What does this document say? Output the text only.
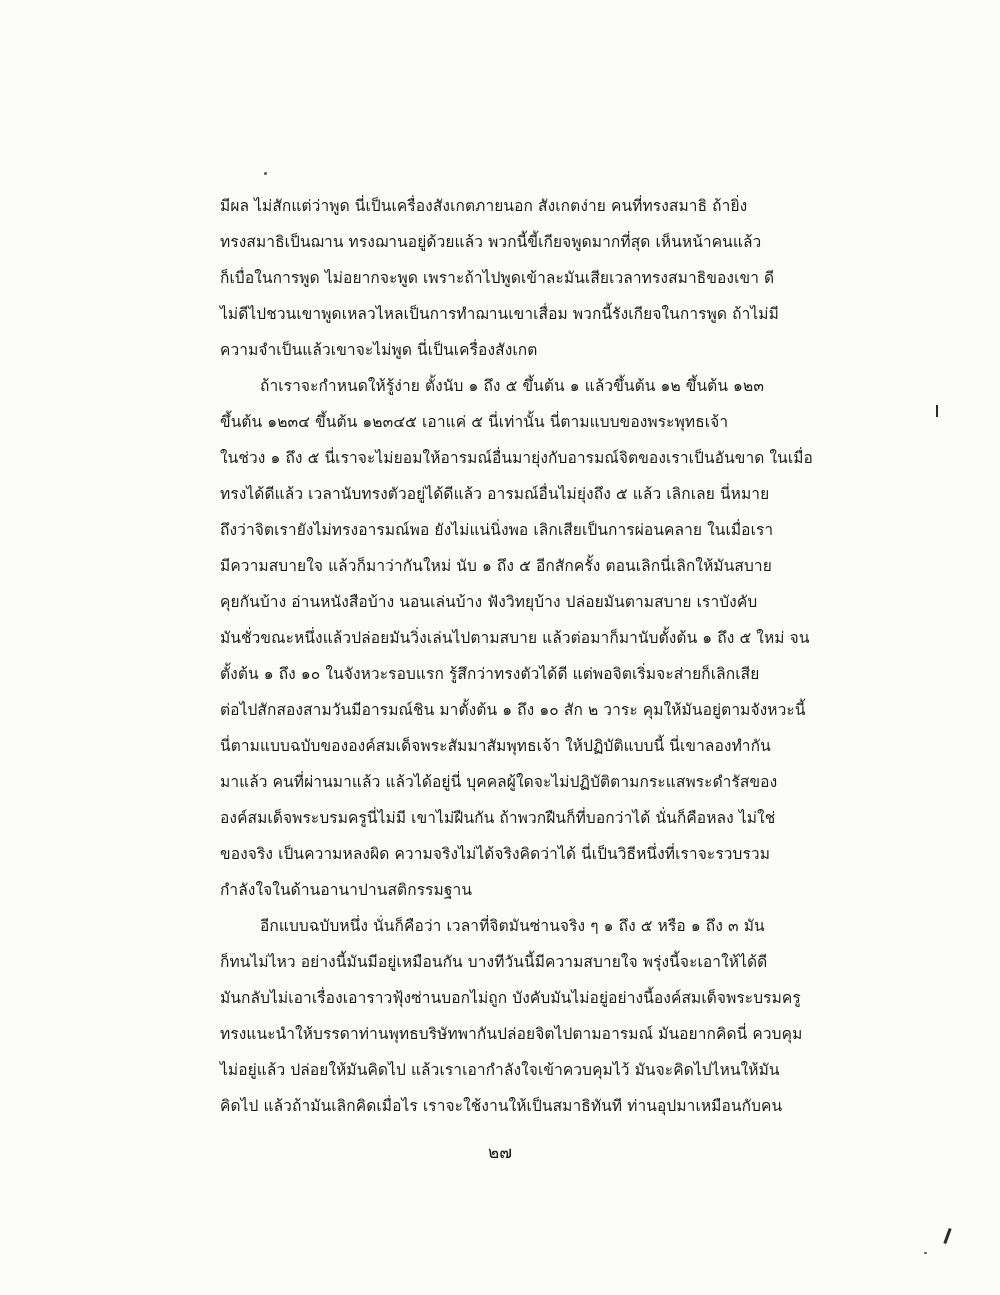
มีผล ไม่สักแต่ว่าพูด นี่เป็นเครื่องสังเกตภายนอก สังเกตง่าย คนที่ทรงสมาธิ ถ้ายิ่ง
ทรงสมาธิเป็นฌาน ทรงฌานอยู่ด้วยแล้ว พวกนี้ขี้เกียจพูดมากที่สุด เห็นหน้าคนแล้ว
ก็เบื่อในการพูด ไม่อยากจะพูด เพราะถ้าไปพูดเข้าละมันเสียเวลาทรงสมาธิของเขา ดี
ไม่ดีไปชวนเขาพูดเหลวไหลเป็นการทำฌานเขาเสื่อม พวกนี้รังเกียจในการพูด ถ้าไม่มี
ความจำเป็นแล้วเขาจะไม่พูด นี่เป็นเครื่องสังเกต
ถ้าเราจะกำหนดให้รู้ง่าย ตั้งนับ ๑ ถึง ๕ ขึ้นต้น ๑ แล้วขึ้นต้น ๑๒ ขึ้นต้น ๑๒๓
ขึ้นต้น ๑๒๓๔ ขึ้นต้น ๑๒๓๔๕ เอาแค่ ๕ นี่เท่านั้น นี่ตามแบบของพระพุทธเจ้า
ในช่วง ๑ ถึง ๕ นี่เราจะไม่ยอมให้อารมณ์อื่นมายุ่งกับอารมณ์จิตของเราเป็นอันขาด ในเมื่อ
ทรงได้ดีแล้ว เวลานับทรงตัวอยู่ได้ดีแล้ว อารมณ์อื่นไม่ยุ่งถึง ๕ แล้ว เลิกเลย นี่หมาย
ถึงว่าจิตเรายังไม่ทรงอารมณ์พอ ยังไม่แน่นิ่งพอ เลิกเสียเป็นการผ่อนคลาย ในเมื่อเรา
มีความสบายใจ แล้วก็มาว่ากันใหม่ นับ ๑ ถึง ๕ อีกสักครั้ง ตอนเลิกนี่เลิกให้มันสบาย
คุยกันบ้าง อ่านหนังสือบ้าง นอนเล่นบ้าง ฟังวิทยุบ้าง ปล่อยมันตามสบาย เราบังคับ
มันชั่วขณะหนึ่งแล้วปล่อยมันวิ่งเล่นไปตามสบาย แล้วต่อมาก็มานับตั้งต้น ๑ ถึง ๕ ใหม่ จน
ตั้งต้น ๑ ถึง ๑๐ ในจังหวะรอบแรก รู้สึกว่าทรงตัวได้ดี แต่พอจิตเริ่มจะส่ายก็เลิกเสีย
ต่อไปสักสองสามวันมีอารมณ์ชิน มาตั้งต้น ๑ ถึง ๑๐ สัก ๒ วาระ คุมให้มันอยู่ตามจังหวะนี้
นี่ตามแบบฉบับขององค์สมเด็จพระสัมมาสัมพุทธเจ้า ให้ปฏิบัติแบบนี้ นี่เขาลองทำกัน
มาแล้ว คนที่ผ่านมาแล้ว แล้วได้อยู่นี่ บุคคลผู้ใดจะไม่ปฏิบัติตามกระแสพระดำรัสของ
องค์สมเด็จพระบรมครูนี่ไม่มี เขาไม่ฝืนกัน ถ้าพวกฝืนก็ที่บอกว่าได้ นั่นก็คือหลง ไม่ใช่
ของจริง เป็นความหลงผิด ความจริงไม่ได้จริงคิดว่าได้ นี่เป็นวิธีหนึ่งที่เราจะรวบรวม
กำลังใจในด้านอานาปานสติกรรมฐาน
อีกแบบฉบับหนึ่ง นั่นก็คือว่า เวลาที่จิตมันซ่านจริง ๆ ๑ ถึง ๕ หรือ ๑ ถึง ๓ มัน
ก็ทนไม่ไหว อย่างนี้มันมีอยู่เหมือนกัน บางทีวันนี้มีความสบายใจ พรุ่งนี้จะเอาให้ได้ดี
มันกลับไม่เอาเรื่องเอาราวฟุ้งซ่านบอกไม่ถูก บังคับมันไม่อยู่อย่างนี้องค์สมเด็จพระบรมครู
ทรงแนะนำให้บรรดาท่านพุทธบริษัทพากันปล่อยจิตไปตามอารมณ์ มันอยากคิดนี่ ควบคุม
ไม่อยู่แล้ว ปล่อยให้มันคิดไป แล้วเราเอากำลังใจเข้าควบคุมไว้ มันจะคิดไปไหนให้มัน
คิดไป แล้วถ้ามันเลิกคิดเมื่อไร เราจะใช้งานให้เป็นสมาธิทันที ท่านอุปมาเหมือนกับคน
๒๗
